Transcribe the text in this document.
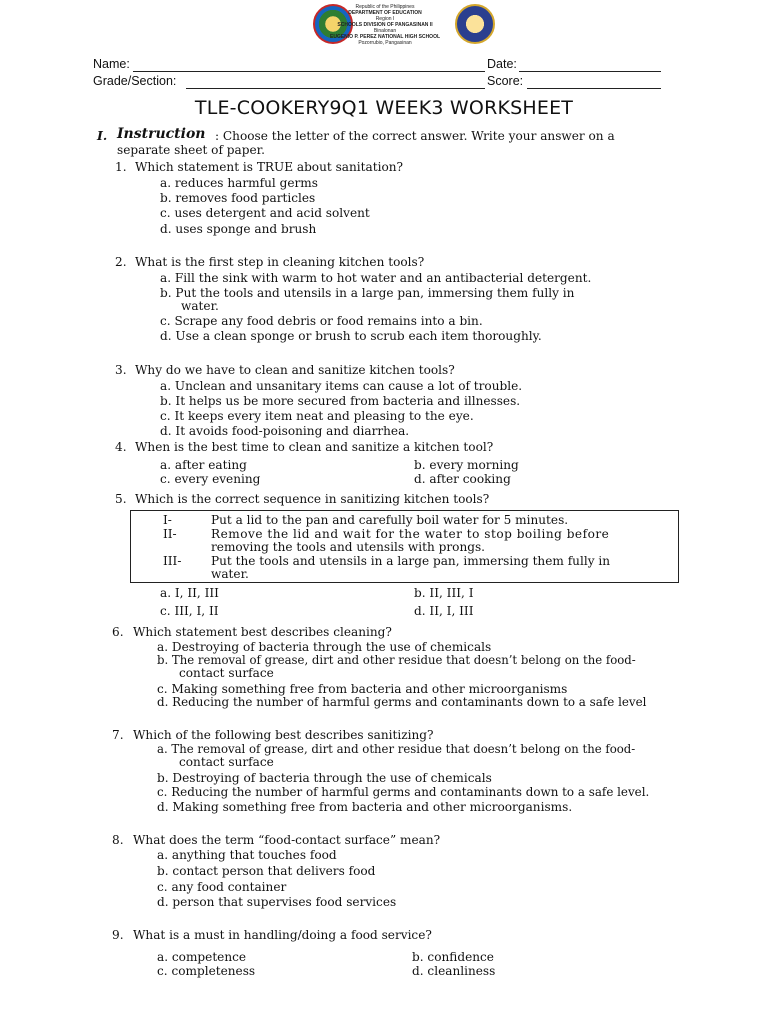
Republic of the Philippines
DEPARTMENT OF EDUCATION
Region I
SCHOOLS DIVISION OF PANGASINAN II
Binalonan
EUGENIO P. PEREZ NATIONAL HIGH SCHOOL
Pozorrubio, Pangasinan
Name:	Date:
Grade/Section:	Score:
TLE-COOKERY9Q1 WEEK3 WORKSHEET
I. Instruction : Choose the letter of the correct answer. Write your answer on a
separate sheet of paper.
1. Which statement is TRUE about sanitation?
a. reduces harmful germs
b. removes food particles
c. uses detergent and acid solvent
d. uses sponge and brush
2. What is the first step in cleaning kitchen tools?
a. Fill the sink with warm to hot water and an antibacterial detergent.
b. Put the tools and utensils in a large pan, immersing them fully in
water.
c. Scrape any food debris or food remains into a bin.
d. Use a clean sponge or brush to scrub each item thoroughly.
3. Why do we have to clean and sanitize kitchen tools?
a. Unclean and unsanitary items can cause a lot of trouble.
b. It helps us be more secured from bacteria and illnesses.
c. It keeps every item neat and pleasing to the eye.
d. It avoids food-poisoning and diarrhea.
4. When is the best time to clean and sanitize a kitchen tool?
a. after eating	b. every morning
c. every evening	d. after cooking
5. Which is the correct sequence in sanitizing kitchen tools?
I-	Put a lid to the pan and carefully boil water for 5 minutes.
II-	Remove the lid and wait for the water to stop boiling before
removing the tools and utensils with prongs.
III- Put the tools and utensils in a large pan, immersing them fully in
water.
a. I, II, III	b. II, III, I
c. III, I, II	d. II, I, III
6. Which statement best describes cleaning?
a. Destroying of bacteria through the use of chemicals
b. The removal of grease, dirt and other residue that doesn’t belong on the food-
contact surface
c. Making something free from bacteria and other microorganisms
d. Reducing the number of harmful germs and contaminants down to a safe level
7. Which of the following best describes sanitizing?
a. The removal of grease, dirt and other residue that doesn’t belong on the food-
contact surface
b. Destroying of bacteria through the use of chemicals
c. Reducing the number of harmful germs and contaminants down to a safe level.
d. Making something free from bacteria and other microorganisms.
8. What does the term “food-contact surface” mean?
a. anything that touches food
b. contact person that delivers food
c. any food container
d. person that supervises food services
9. What is a must in handling/doing a food service?
a. competence	b. confidence
c. completeness	d. cleanliness
